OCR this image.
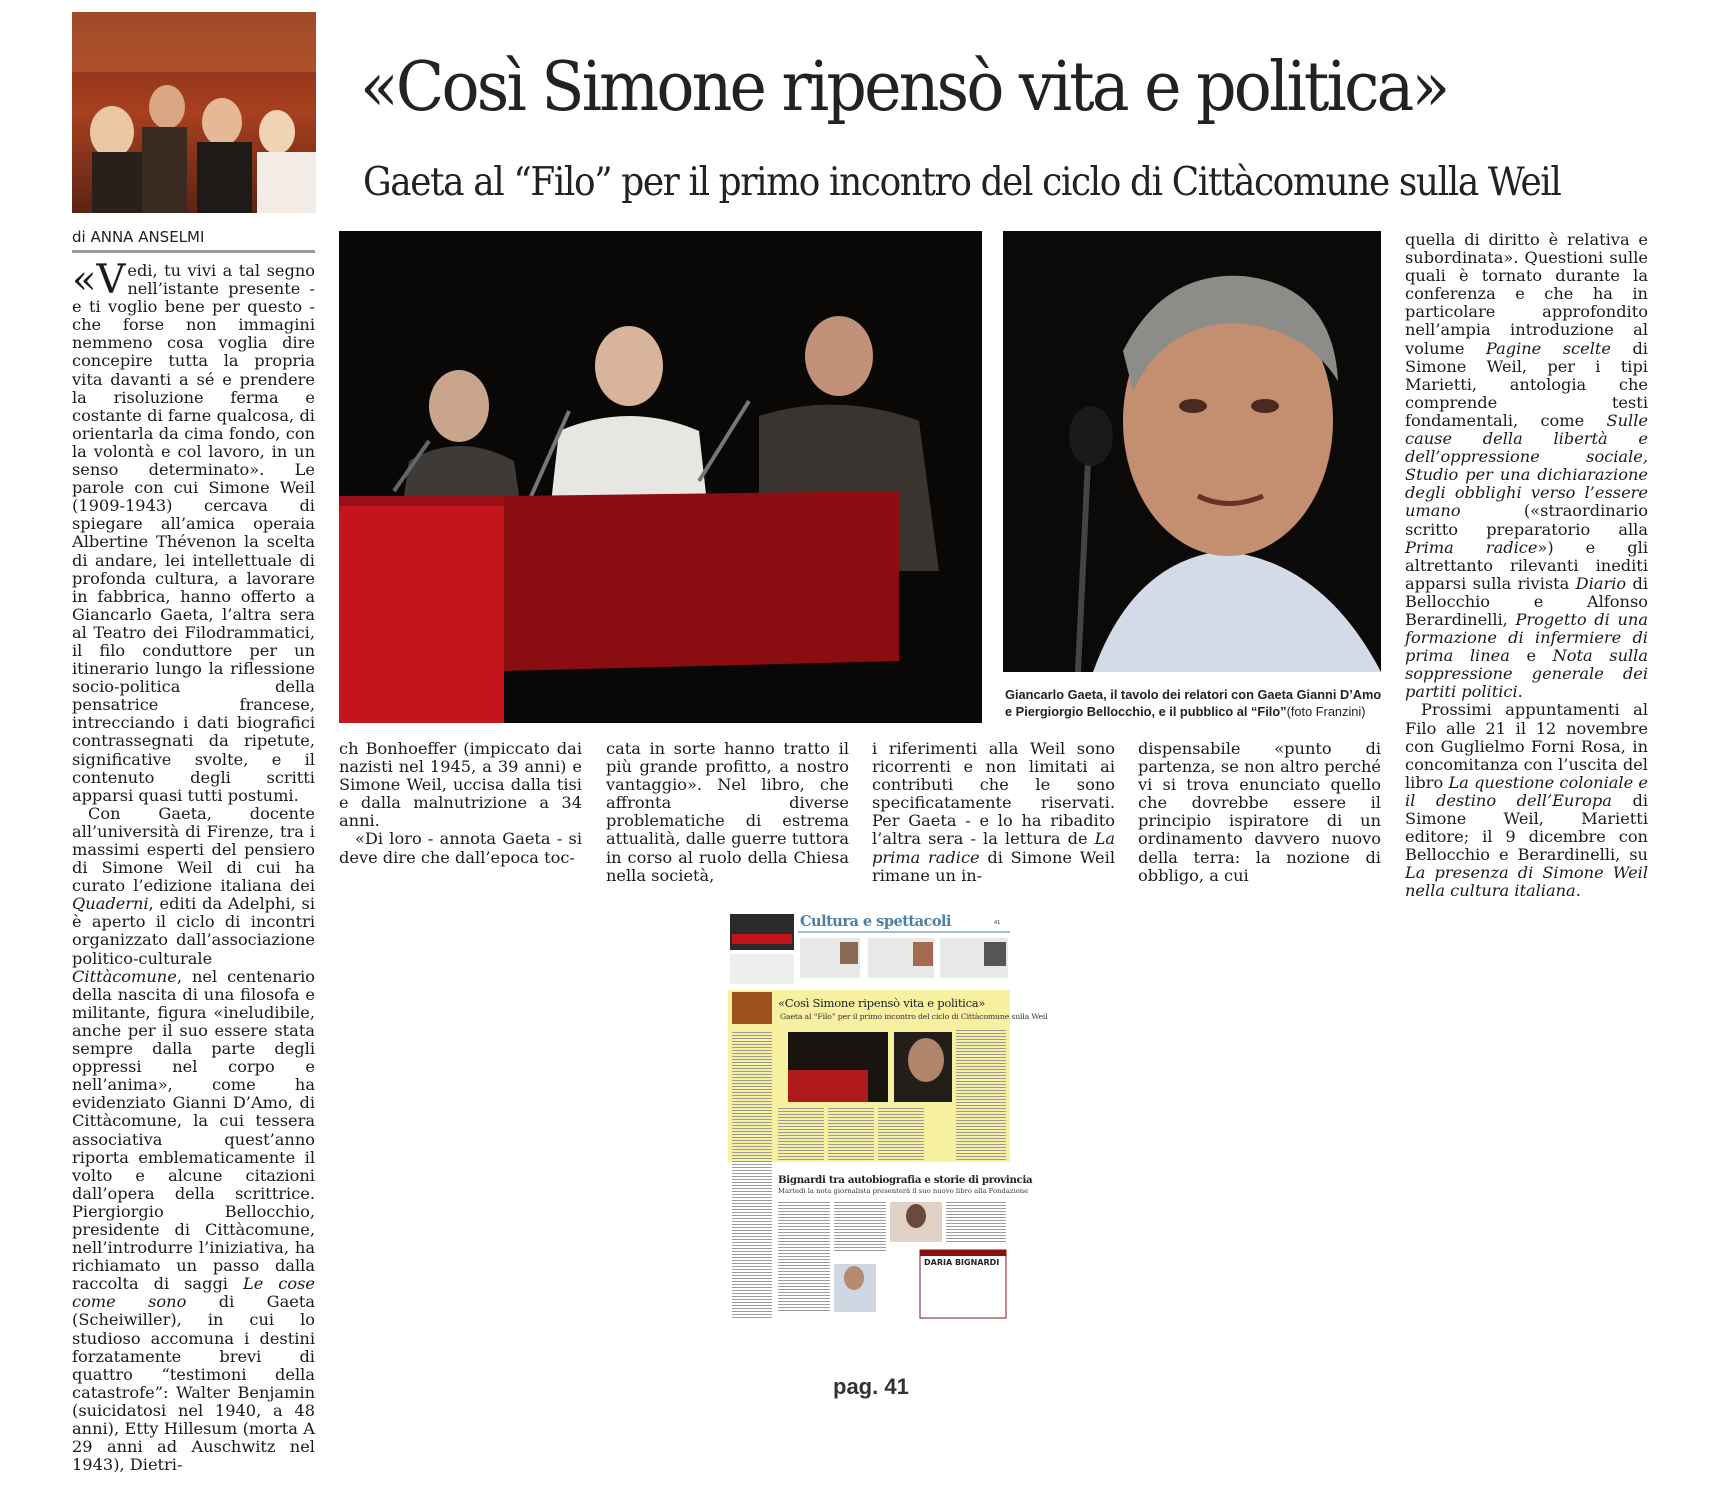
«Così Simone ripensò vita e politica»
Gaeta al “Filo” per il primo incontro del ciclo di Cittàcomune sulla Weil
di ANNA ANSELMI
Giancarlo Gaeta, il tavolo dei relatori con Gaeta Gianni D’Amo e Piergiorgio Bellocchio, e il pubblico al “Filo”(foto Franzini)

«Vedi, tu vivi a tal segno nell’istante presente - e ti voglio bene per questo - che forse non immagini nemmeno cosa voglia dire concepire tutta la propria vita davanti a sé e prendere la risoluzione ferma e costante di farne qualcosa, di orientarla da cima fondo, con la volontà e col lavoro, in un senso determinato». Le parole con cui Simone Weil (1909-1943) cercava di spiegare all’amica operaia Albertine Thévenon la scelta di andare, lei intellettuale di profonda cultura, a lavorare in fabbrica, hanno offerto a Giancarlo Gaeta, l’altra sera al Teatro dei Filodrammatici, il filo conduttore per un itinerario lungo la riflessione socio-politica della pensatrice francese, intrecciando i dati biografici contrassegnati da ripetute, significative svolte, e il contenuto degli scritti apparsi quasi tutti postumi.

Con Gaeta, docente all’università di Firenze, tra i massimi esperti del pensiero di Simone Weil di cui ha curato l’edizione italiana dei Quaderni, editi da Adelphi, si è aperto il ciclo di incontri organizzato dall’associazione politico-culturale Cittàcomune, nel centenario della nascita di una filosofa e militante, figura «ineludibile, anche per il suo essere stata sempre dalla parte degli oppressi nel corpo e nell’anima», come ha evidenziato Gianni D’Amo, di Cittàcomune, la cui tessera associativa quest’anno riporta emblematicamente il volto e alcune citazioni dall’opera della scrittrice. Piergiorgio Bellocchio, presidente di Cittàcomune, nell’introdurre l’iniziativa, ha richiamato un passo dalla raccolta di saggi Le cose come sono di Gaeta (Scheiwiller), in cui lo studioso accomuna i destini forzatamente brevi di quattro “testimoni della catastrofe”: Walter Benjamin (suicidatosi nel 1940, a 48 anni), Etty Hillesum (morta A 29 anni ad Auschwitz nel 1943), Dietri-

ch Bonhoeffer (impiccato dai nazisti nel 1945, a 39 anni) e Simone Weil, uccisa dalla tisi e dalla malnutrizione a 34 anni.

«Di loro - annota Gaeta - si deve dire che dall’epoca toc-

cata in sorte hanno tratto il più grande profitto, a nostro vantaggio». Nel libro, che affronta diverse problematiche di estrema attualità, dalle guerre tuttora in corso al ruolo della Chiesa nella società,

i riferimenti alla Weil sono ricorrenti e non limitati ai contributi che le sono specificatamente riservati. Per Gaeta - e lo ha ribadito l’altra sera - la lettura de La prima radice di Simone Weil rimane un in-

dispensabile «punto di partenza, se non altro perché vi si trova enunciato quello che dovrebbe essere il principio ispiratore di un ordinamento davvero nuovo della terra: la nozione di obbligo, a cui

quella di diritto è relativa e subordinata». Questioni sulle quali è tornato durante la conferenza e che ha in particolare approfondito nell’ampia introduzione al volume Pagine scelte di Simone Weil, per i tipi Marietti, antologia che comprende testi fondamentali, come Sulle cause della libertà e dell’oppressione sociale, Studio per una dichiarazione degli obblighi verso l’essere umano («straordinario scritto preparatorio alla Prima radice») e gli altrettanto rilevanti inediti apparsi sulla rivista Diario di Bellocchio e Alfonso Berardinelli, Progetto di una formazione di infermiere di prima linea e Nota sulla soppressione generale dei partiti politici.

Prossimi appuntamenti al Filo alle 21 il 12 novembre con Guglielmo Forni Rosa, in concomitanza con l’uscita del libro La questione coloniale e il destino dell’Europa di Simone Weil, Marietti editore; il 9 dicembre con Bellocchio e Berardinelli, su La presenza di Simone Weil nella cultura italiana.

Cultura e spettacoli	41
«Così Simone ripensò vita e politica»
Gaeta al “Filo” per il primo incontro del ciclo di Cittàcomune sulla Weil
Bignardi tra autobiografia e storie di provincia
Martedì la nota giornalista presenterà il suo nuovo libro alla Fondazione
DARIA BIGNARDI
pag. 41
